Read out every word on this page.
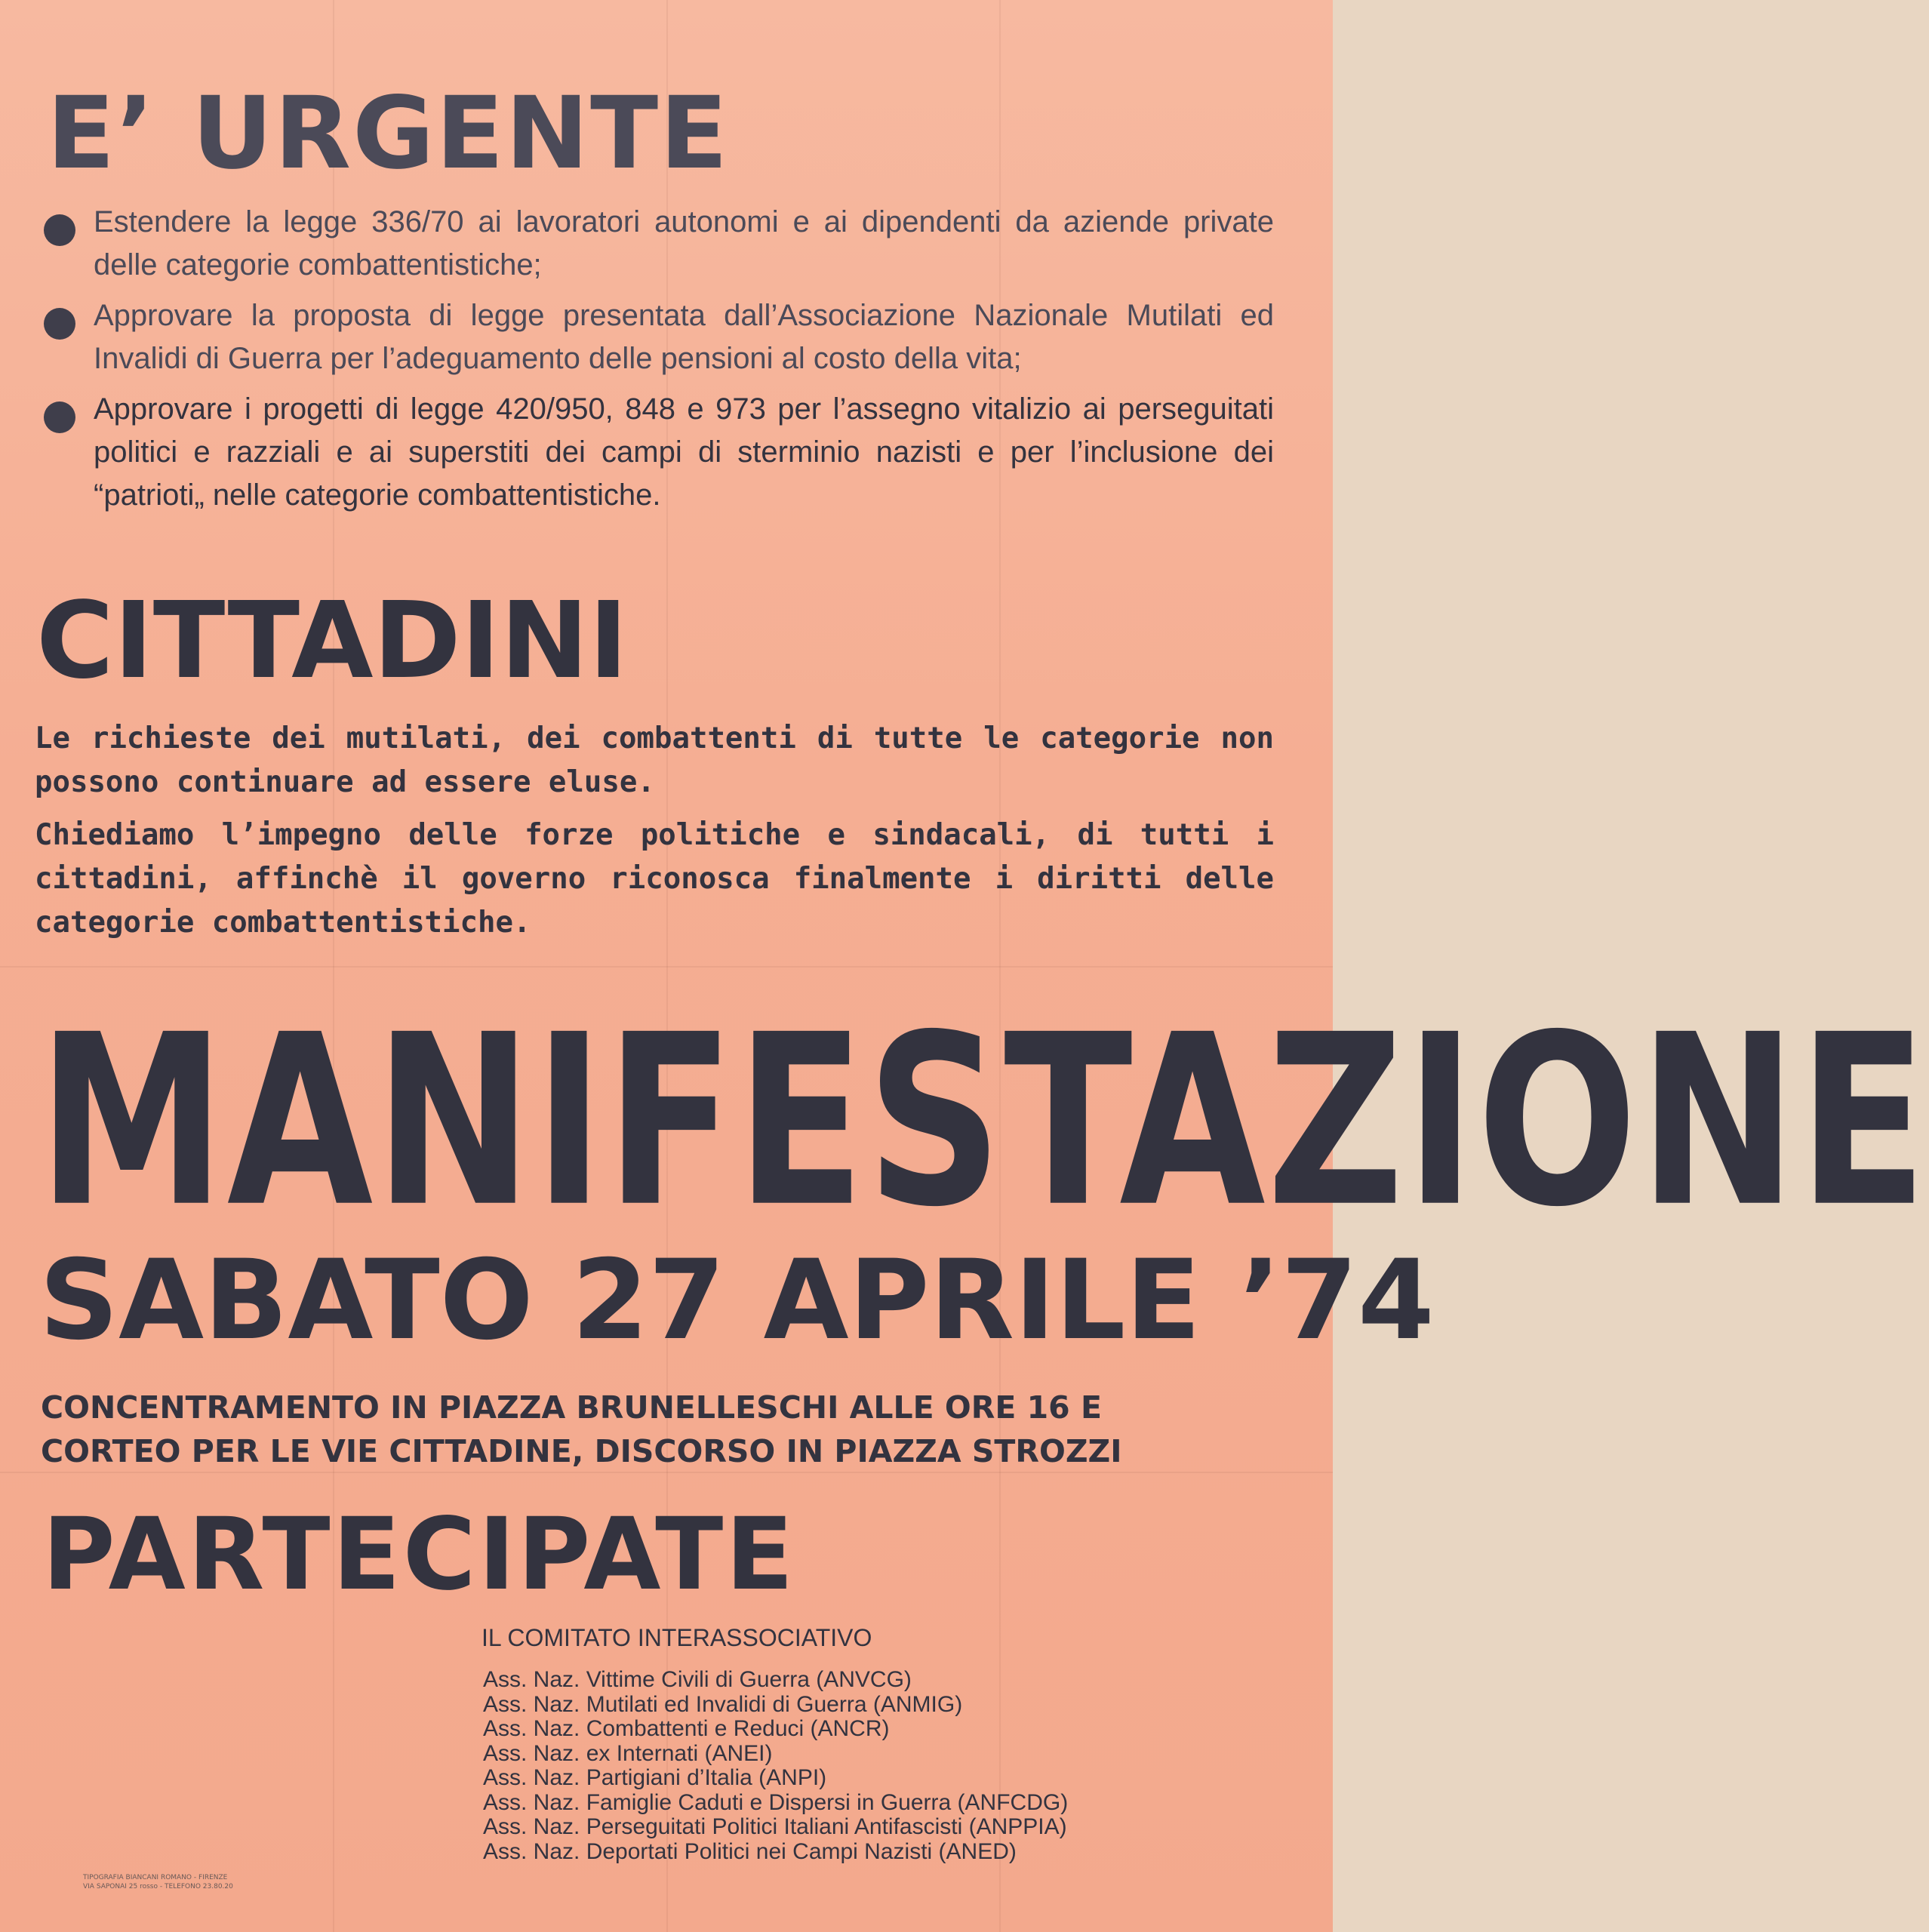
E’ URGENTE

Estendere la legge 336/70 ai lavoratori autonomi e ai dipendenti da aziende private delle categorie combattentistiche;

Approvare la proposta di legge presentata dall’Associazione Nazionale Mutilati ed Invalidi di Guerra per l’adeguamento delle pensioni al costo della vita;

Approvare i progetti di legge 420/950, 848 e 973 per l’assegno vitalizio ai perseguitati politici e razziali e ai superstiti dei campi di sterminio nazisti e per l’inclusione dei “patrioti„ nelle categorie combattentistiche.

CITTADINI

Le richieste dei mutilati, dei combattenti di tutte le categorie non possono continuare ad essere eluse.

Chiediamo l’impegno delle forze politiche e sindacali, di tutti i cittadini, affinchè il governo riconosca finalmente i diritti delle categorie combattentistiche.

MANIFESTAZIONE
SABATO 27 APRILE ’74
CONCENTRAMENTO IN PIAZZA BRUNELLESCHI ALLE ORE 16 E
CORTEO PER LE VIE CITTADINE, DISCORSO IN PIAZZA STROZZI
PARTECIPATE

IL COMITATO INTERASSOCIATIVO

Ass. Naz. Vittime Civili di Guerra (ANVCG)
Ass. Naz. Mutilati ed Invalidi di Guerra (ANMIG)
Ass. Naz. Combattenti e Reduci (ANCR)
Ass. Naz. ex Internati (ANEI)
Ass. Naz. Partigiani d’Italia (ANPI)
Ass. Naz. Famiglie Caduti e Dispersi in Guerra (ANFCDG)
Ass. Naz. Perseguitati Politici Italiani Antifascisti (ANPPIA)
Ass. Naz. Deportati Politici nei Campi Nazisti (ANED)
TIPOGRAFIA BIANCANI ROMANO - FIRENZE
VIA SAPONAI 25 rosso - TELEFONO 23.80.20
